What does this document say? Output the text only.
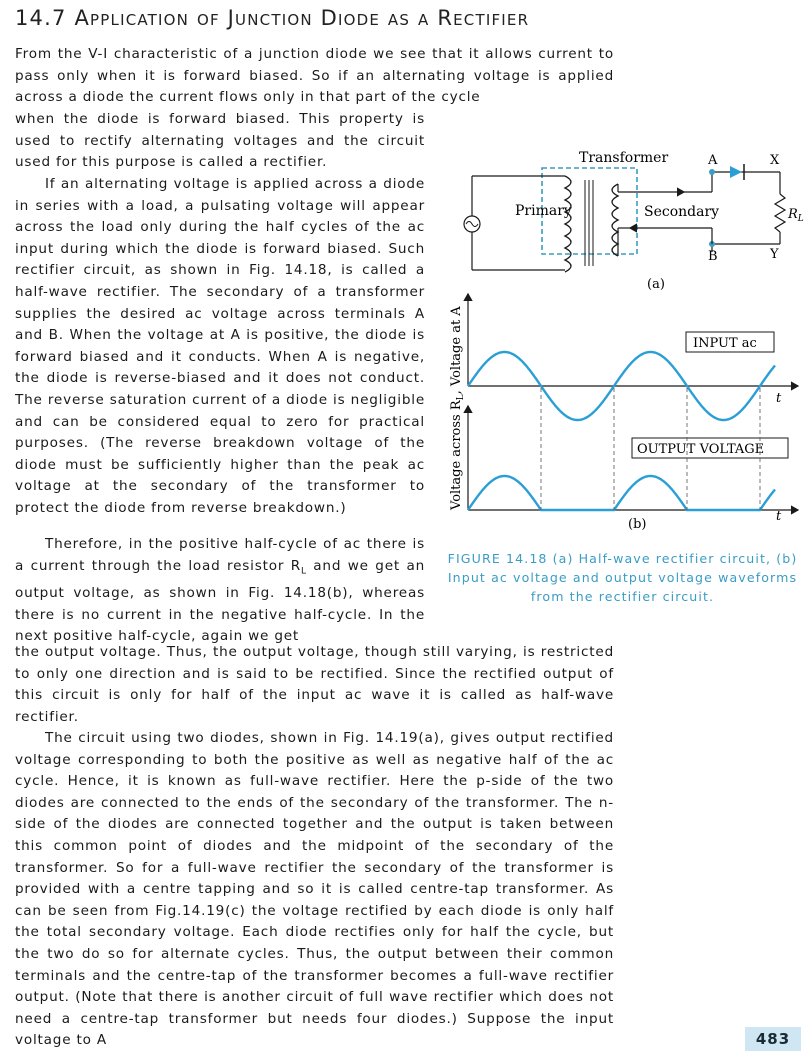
14.7 Application of Junction Diode as a Rectifier

From the V-I characteristic of a junction diode we see that it allows current to pass only when it is forward biased. So if an alternating voltage is applied across a diode the current flows only in that part of the cycle

when the diode is forward biased. This property is used to rectify alternating voltages and the circuit used for this purpose is called a rectifier.

If an alternating voltage is applied across a diode in series with a load, a pulsating voltage will appear across the load only during the half cycles of the ac input during which the diode is forward biased. Such rectifier circuit, as shown in Fig. 14.18, is called a half-wave rectifier. The secondary of a transformer supplies the desired ac voltage across terminals A and B. When the voltage at A is positive, the diode is forward biased and it conducts. When A is negative, the diode is reverse-biased and it does not conduct. The reverse saturation current of a diode is negligible and can be considered equal to zero for practical purposes. (The reverse breakdown voltage of the diode must be sufficiently higher than the peak ac voltage at the secondary of the transformer to protect the diode from reverse breakdown.)

Therefore, in the positive half-cycle of ac there is a current through the load resistor $R_L$ and we get an output voltage, as shown in Fig. 14.18(b), whereas there is no current in the negative half-cycle. In the next positive half-cycle, again we get

the output voltage. Thus, the output voltage, though still varying, is restricted to only one direction and is said to be rectified. Since the rectified output of this circuit is only for half of the input ac wave it is called as half-wave rectifier.

The circuit using two diodes, shown in Fig. 14.19(a), gives output rectified voltage corresponding to both the positive as well as negative half of the ac cycle. Hence, it is known as full-wave rectifier. Here the p-side of the two diodes are connected to the ends of the secondary of the transformer. The n-side of the diodes are connected together and the output is taken between this common point of diodes and the midpoint of the secondary of the transformer. So for a full-wave rectifier the secondary of the transformer is provided with a centre tapping and so it is called centre-tap transformer. As can be seen from Fig.14.19(c) the voltage rectified by each diode is only half the total secondary voltage. Each diode rectifies only for half the cycle, but the two do so for alternate cycles. Thus, the output between their common terminals and the centre-tap of the transformer becomes a full-wave rectifier output. (Note that there is another circuit of full wave rectifier which does not need a centre-tap transformer but needs four diodes.) Suppose the input voltage to A

Transformer
Primary	Secondary
A	X
$R_L$
Y
B
(a)
Voltage across $R_L$, Voltage at A
t
INPUT ac
t
OUTPUT VOLTAGE
(b)
FIGURE 14.18 (a) Half-wave rectifier circuit, (b) Input ac voltage and output voltage waveforms from the rectifier circuit.
483
